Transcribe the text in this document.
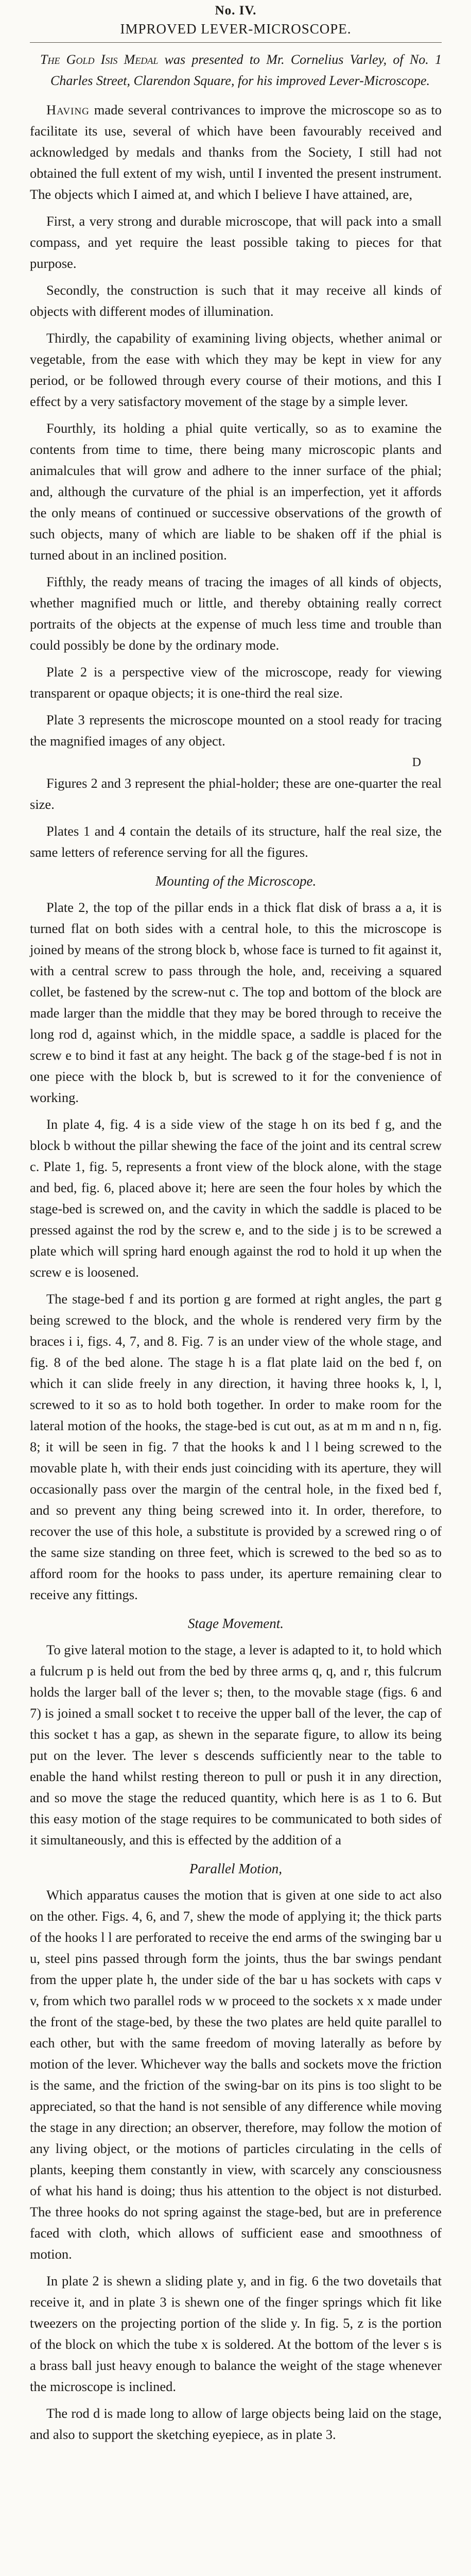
No. IV.
IMPROVED LEVER-MICROSCOPE.

The Gold Isis Medal was presented to Mr. Cornelius Varley, of No. 1 Charles Street, Clarendon Square, for his improved Lever-Microscope.

Having made several contrivances to improve the microscope so as to facilitate its use, several of which have been favourably received and acknowledged by medals and thanks from the Society, I still had not obtained the full extent of my wish, until I invented the present instrument. The objects which I aimed at, and which I believe I have attained, are,

First, a very strong and durable microscope, that will pack into a small compass, and yet require the least possible taking to pieces for that purpose.

Secondly, the construction is such that it may receive all kinds of objects with different modes of illumination.

Thirdly, the capability of examining living objects, whether animal or vegetable, from the ease with which they may be kept in view for any period, or be followed through every course of their motions, and this I effect by a very satisfactory movement of the stage by a simple lever.

Fourthly, its holding a phial quite vertically, so as to examine the contents from time to time, there being many microscopic plants and animalcules that will grow and adhere to the inner surface of the phial; and, although the curvature of the phial is an imperfection, yet it affords the only means of continued or successive observations of the growth of such objects, many of which are liable to be shaken off if the phial is turned about in an inclined position.

Fifthly, the ready means of tracing the images of all kinds of objects, whether magnified much or little, and thereby obtaining really correct portraits of the objects at the expense of much less time and trouble than could possibly be done by the ordinary mode.

Plate 2 is a perspective view of the microscope, ready for viewing transparent or opaque objects; it is one-third the real size.

Plate 3 represents the microscope mounted on a stool ready for tracing the magnified images of any object.

D

Figures 2 and 3 represent the phial-holder; these are one-quarter the real size.

Plates 1 and 4 contain the details of its structure, half the real size, the same letters of reference serving for all the figures.

Mounting of the Microscope.

Plate 2, the top of the pillar ends in a thick flat disk of brass a a, it is turned flat on both sides with a central hole, to this the microscope is joined by means of the strong block b, whose face is turned to fit against it, with a central screw to pass through the hole, and, receiving a squared collet, be fastened by the screw-nut c. The top and bottom of the block are made larger than the middle that they may be bored through to receive the long rod d, against which, in the middle space, a saddle is placed for the screw e to bind it fast at any height. The back g of the stage-bed f is not in one piece with the block b, but is screwed to it for the convenience of working.

In plate 4, fig. 4 is a side view of the stage h on its bed f g, and the block b without the pillar shewing the face of the joint and its central screw c. Plate 1, fig. 5, represents a front view of the block alone, with the stage and bed, fig. 6, placed above it; here are seen the four holes by which the stage-bed is screwed on, and the cavity in which the saddle is placed to be pressed against the rod by the screw e, and to the side j is to be screwed a plate which will spring hard enough against the rod to hold it up when the screw e is loosened.

The stage-bed f and its portion g are formed at right angles, the part g being screwed to the block, and the whole is rendered very firm by the braces i i, figs. 4, 7, and 8. Fig. 7 is an under view of the whole stage, and fig. 8 of the bed alone. The stage h is a flat plate laid on the bed f, on which it can slide freely in any direction, it having three hooks k, l, l, screwed to it so as to hold both together. In order to make room for the lateral motion of the hooks, the stage-bed is cut out, as at m m and n n, fig. 8; it will be seen in fig. 7 that the hooks k and l l being screwed to the movable plate h, with their ends just coinciding with its aperture, they will occasionally pass over the margin of the central hole, in the fixed bed f, and so prevent any thing being screwed into it. In order, therefore, to recover the use of this hole, a substitute is provided by a screwed ring o of the same size standing on three feet, which is screwed to the bed so as to afford room for the hooks to pass under, its aperture remaining clear to receive any fittings.

Stage Movement.

To give lateral motion to the stage, a lever is adapted to it, to hold which a fulcrum p is held out from the bed by three arms q, q, and r, this fulcrum holds the larger ball of the lever s; then, to the movable stage (figs. 6 and 7) is joined a small socket t to receive the upper ball of the lever, the cap of this socket t has a gap, as shewn in the separate figure, to allow its being put on the lever. The lever s descends sufficiently near to the table to enable the hand whilst resting thereon to pull or push it in any direction, and so move the stage the reduced quantity, which here is as 1 to 6. But this easy motion of the stage requires to be communicated to both sides of it simultaneously, and this is effected by the addition of a

Parallel Motion,

Which apparatus causes the motion that is given at one side to act also on the other. Figs. 4, 6, and 7, shew the mode of applying it; the thick parts of the hooks l l are perforated to receive the end arms of the swinging bar u u, steel pins passed through form the joints, thus the bar swings pendant from the upper plate h, the under side of the bar u has sockets with caps v v, from which two parallel rods w w proceed to the sockets x x made under the front of the stage-bed, by these the two plates are held quite parallel to each other, but with the same freedom of moving laterally as before by motion of the lever. Whichever way the balls and sockets move the friction is the same, and the friction of the swing-bar on its pins is too slight to be appreciated, so that the hand is not sensible of any difference while moving the stage in any direction; an observer, therefore, may follow the motion of any living object, or the motions of particles circulating in the cells of plants, keeping them constantly in view, with scarcely any consciousness of what his hand is doing; thus his attention to the object is not disturbed. The three hooks do not spring against the stage-bed, but are in preference faced with cloth, which allows of sufficient ease and smoothness of motion.

In plate 2 is shewn a sliding plate y, and in fig. 6 the two dovetails that receive it, and in plate 3 is shewn one of the finger springs which fit like tweezers on the projecting portion of the slide y. In fig. 5, z is the portion of the block on which the tube x is soldered. At the bottom of the lever s is a brass ball just heavy enough to balance the weight of the stage whenever the microscope is inclined.

The rod d is made long to allow of large objects being laid on the stage, and also to support the sketching eyepiece, as in plate 3.
